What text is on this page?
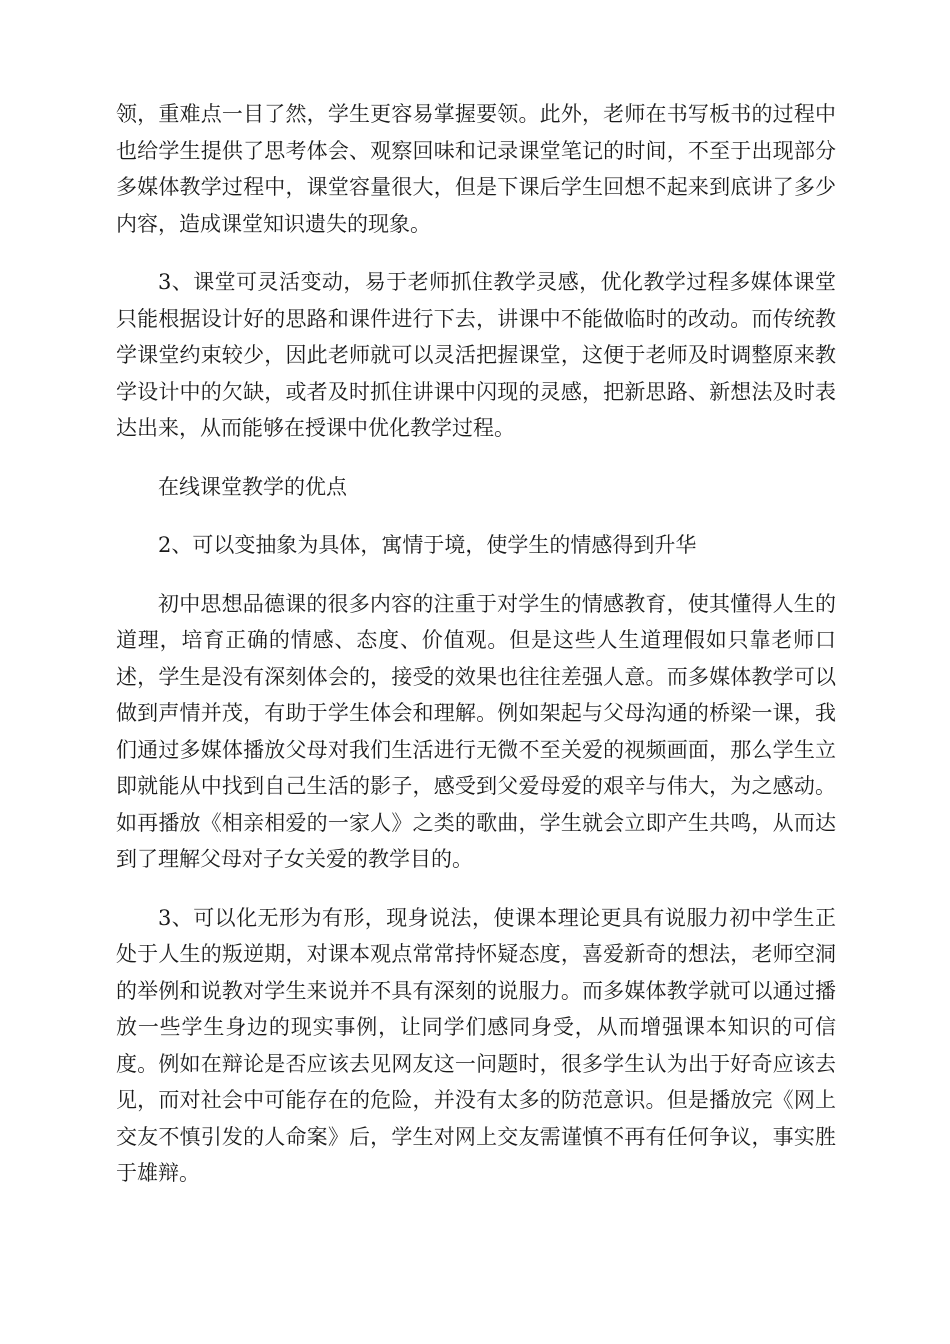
领，重难点一目了然，学生更容易掌握要领。此外，老师在书写板书的过程中也给学生提供了思考体会、观察回味和记录课堂笔记的时间，不至于出现部分多媒体教学过程中，课堂容量很大，但是下课后学生回想不起来到底讲了多少内容，造成课堂知识遗失的现象。

3、课堂可灵活变动，易于老师抓住教学灵感，优化教学过程多媒体课堂只能根据设计好的思路和课件进行下去，讲课中不能做临时的改动。而传统教学课堂约束较少，因此老师就可以灵活把握课堂，这便于老师及时调整原来教学设计中的欠缺，或者及时抓住讲课中闪现的灵感，把新思路、新想法及时表达出来，从而能够在授课中优化教学过程。

在线课堂教学的优点

2、可以变抽象为具体，寓情于境，使学生的情感得到升华

初中思想品德课的很多内容的注重于对学生的情感教育，使其懂得人生的道理，培育正确的情感、态度、价值观。但是这些人生道理假如只靠老师口述，学生是没有深刻体会的，接受的效果也往往差强人意。而多媒体教学可以做到声情并茂，有助于学生体会和理解。例如架起与父母沟通的桥梁一课，我们通过多媒体播放父母对我们生活进行无微不至关爱的视频画面，那么学生立即就能从中找到自己生活的影子，感受到父爱母爱的艰辛与伟大，为之感动。如再播放《相亲相爱的一家人》之类的歌曲，学生就会立即产生共鸣，从而达到了理解父母对子女关爱的教学目的。

3、可以化无形为有形，现身说法，使课本理论更具有说服力初中学生正处于人生的叛逆期，对课本观点常常持怀疑态度，喜爱新奇的想法，老师空洞的举例和说教对学生来说并不具有深刻的说服力。而多媒体教学就可以通过播放一些学生身边的现实事例，让同学们感同身受，从而增强课本知识的可信度。例如在辩论是否应该去见网友这一问题时，很多学生认为出于好奇应该去见，而对社会中可能存在的危险，并没有太多的防范意识。但是播放完《网上交友不慎引发的人命案》后，学生对网上交友需谨慎不再有任何争议，事实胜于雄辩。
